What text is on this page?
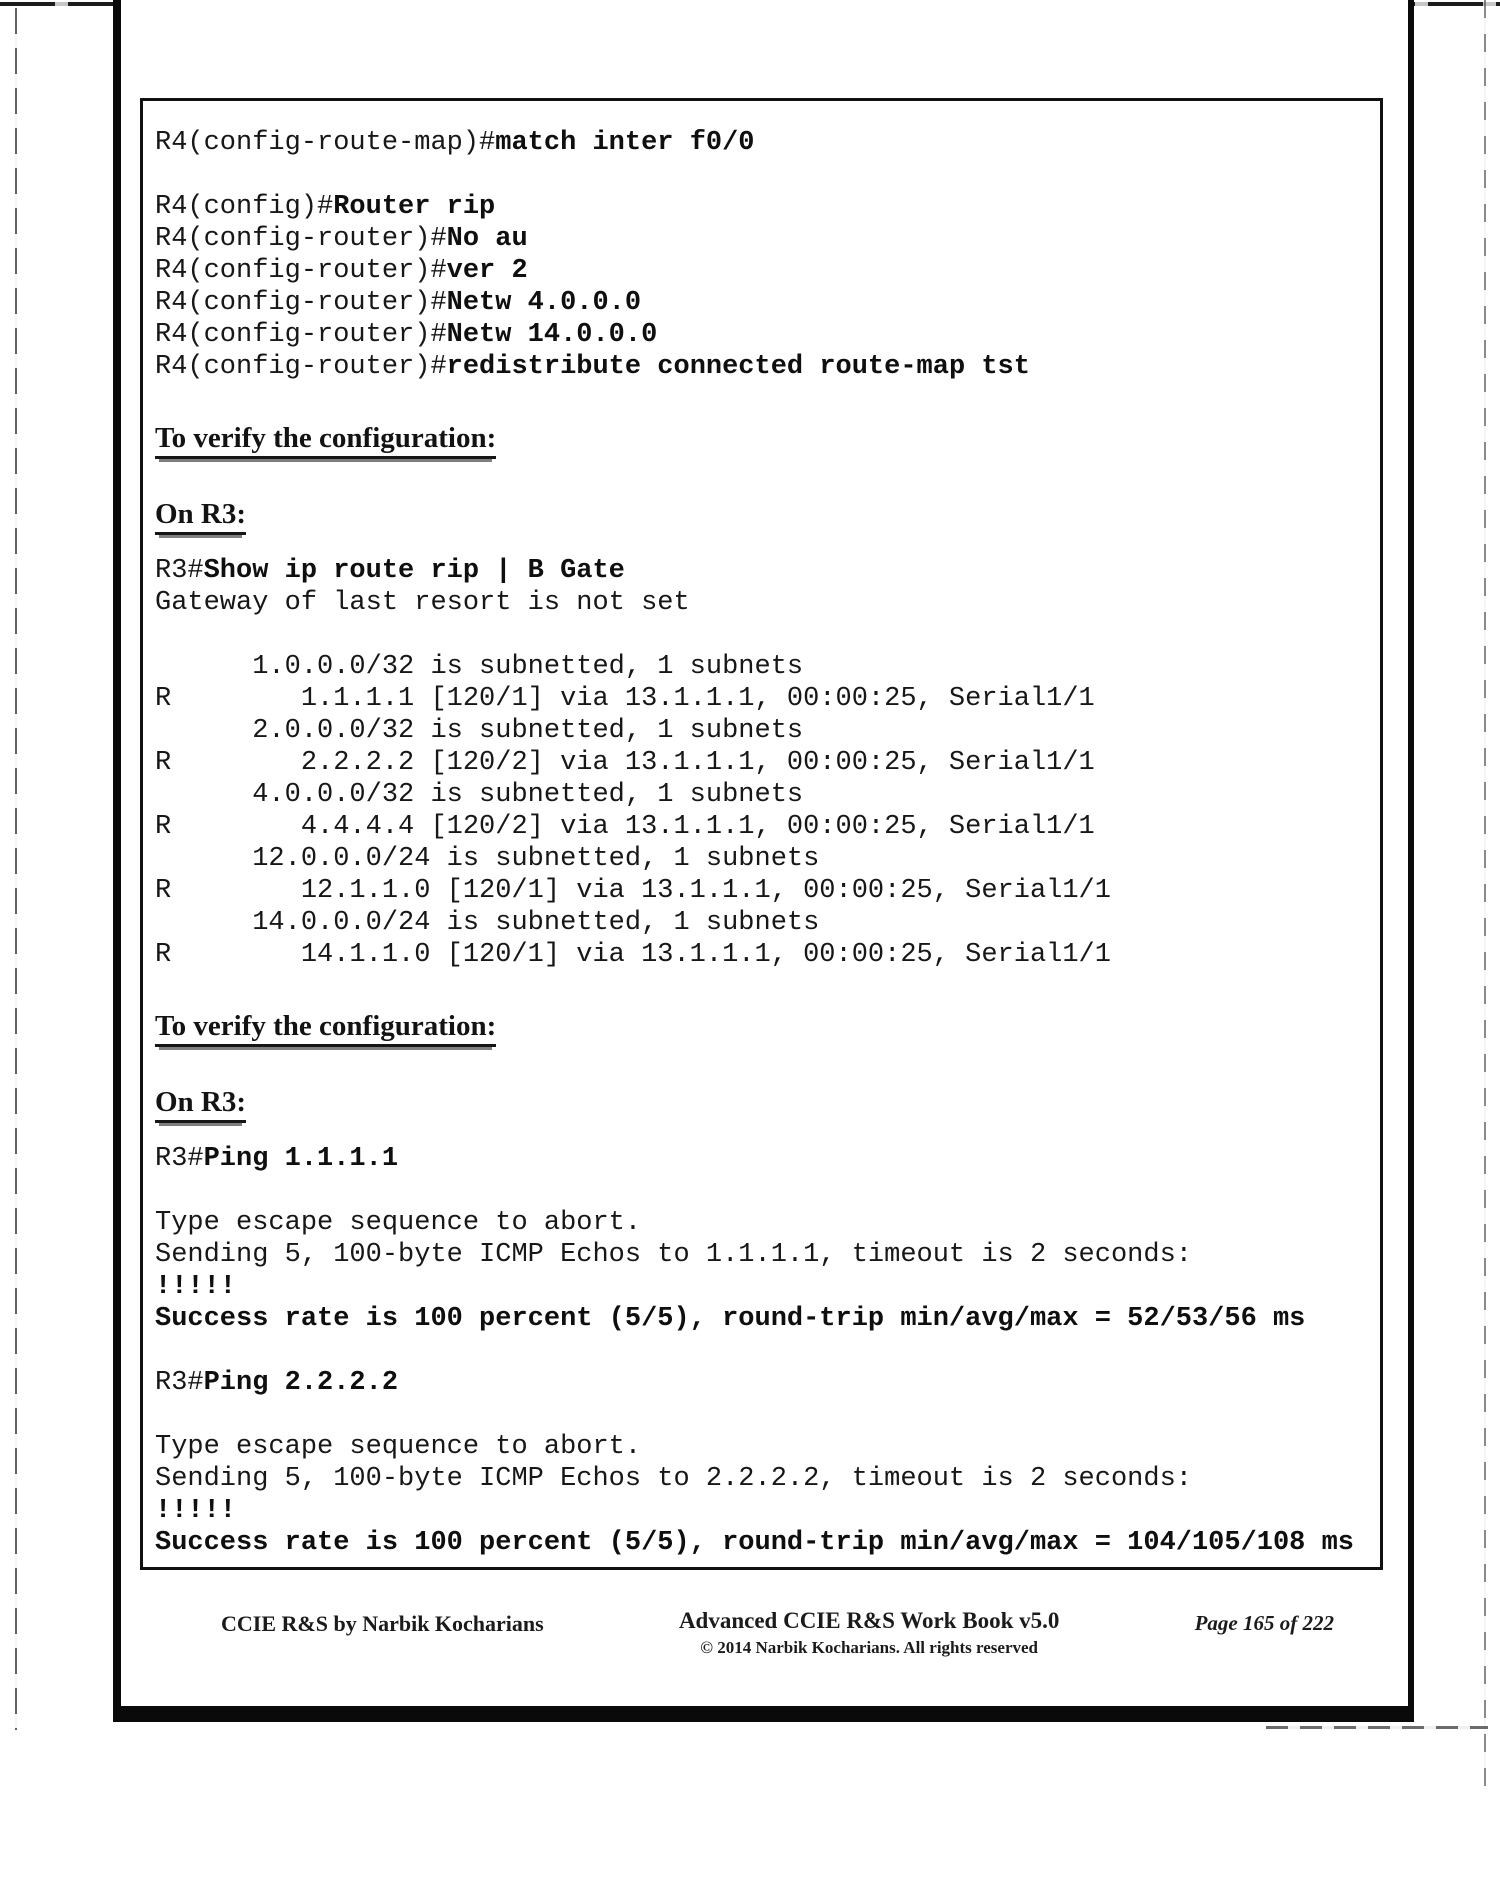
R4(config-route-map)#match inter f0/0

R4(config)#Router rip
R4(config-router)#No au
R4(config-router)#ver 2
R4(config-router)#Netw 4.0.0.0
R4(config-router)#Netw 14.0.0.0
R4(config-router)#redistribute connected route-map tst
To verify the configuration:
On R3:
R3#Show ip route rip | B Gate
Gateway of last resort is not set

1.0.0.0/32 is subnetted, 1 subnets
R        1.1.1.1 [120/1] via 13.1.1.1, 00:00:25, Serial1/1
2.0.0.0/32 is subnetted, 1 subnets
R        2.2.2.2 [120/2] via 13.1.1.1, 00:00:25, Serial1/1
4.0.0.0/32 is subnetted, 1 subnets
R        4.4.4.4 [120/2] via 13.1.1.1, 00:00:25, Serial1/1
12.0.0.0/24 is subnetted, 1 subnets
R        12.1.1.0 [120/1] via 13.1.1.1, 00:00:25, Serial1/1
14.0.0.0/24 is subnetted, 1 subnets
R        14.1.1.0 [120/1] via 13.1.1.1, 00:00:25, Serial1/1
To verify the configuration:
On R3:
R3#Ping 1.1.1.1

Type escape sequence to abort.
Sending 5, 100-byte ICMP Echos to 1.1.1.1, timeout is 2 seconds:
!!!!!
Success rate is 100 percent (5/5), round-trip min/avg/max = 52/53/56 ms

R3#Ping 2.2.2.2

Type escape sequence to abort.
Sending 5, 100-byte ICMP Echos to 2.2.2.2, timeout is 2 seconds:
!!!!!
Success rate is 100 percent (5/5), round-trip min/avg/max = 104/105/108 ms
CCIE R&S by Narbik Kocharians	Advanced CCIE R&S Work Book v5.0
© 2014 Narbik Kocharians. All rights reserved
Page 165 of 222
